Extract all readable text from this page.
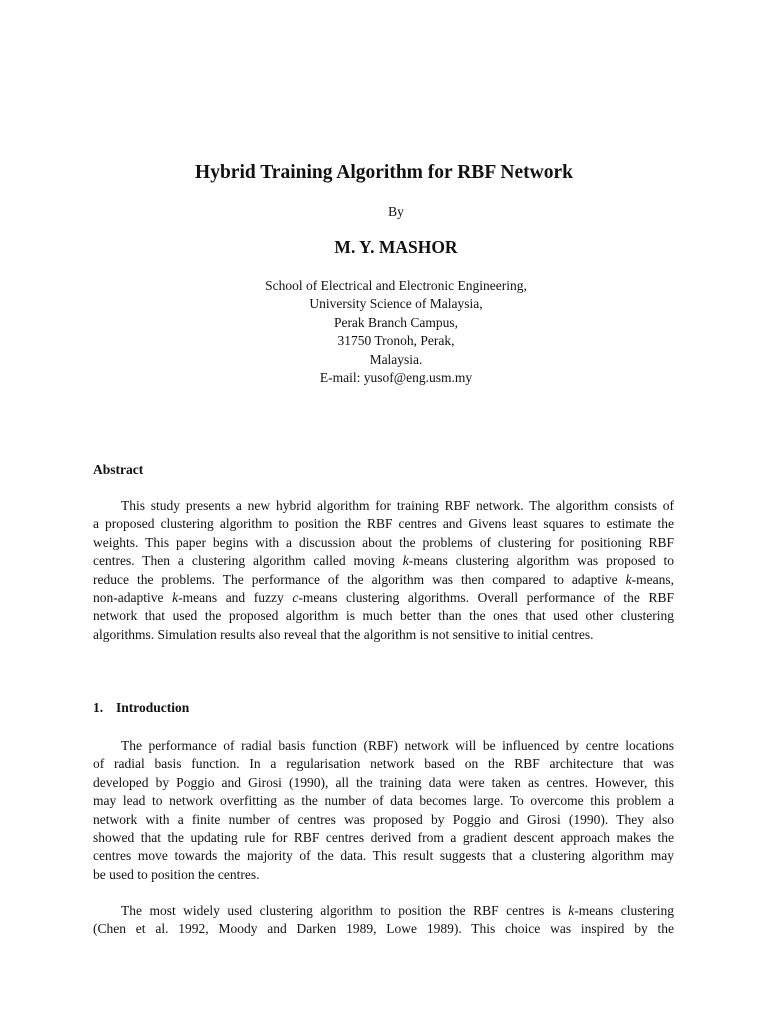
Hybrid Training Algorithm for RBF Network
By
M. Y. MASHOR
School of Electrical and Electronic Engineering,
University Science of Malaysia,
Perak Branch Campus,
31750 Tronoh, Perak,
Malaysia.
E-mail: yusof@eng.usm.my
Abstract
This study presents a new hybrid algorithm for training RBF network. The algorithm consists of
a proposed clustering algorithm to position the RBF centres and Givens least squares to estimate the
weights. This paper begins with a discussion about the problems of clustering for positioning RBF
centres. Then a clustering algorithm called moving k-means clustering algorithm was proposed to
reduce the problems. The performance of the algorithm was then compared to adaptive k-means,
non-adaptive k-means and fuzzy c-means clustering algorithms. Overall performance of the RBF
network that used the proposed algorithm is much better than the ones that used other clustering
algorithms. Simulation results also reveal that the algorithm is not sensitive to initial centres.
1. Introduction
The performance of radial basis function (RBF) network will be influenced by centre locations
of radial basis function. In a regularisation network based on the RBF architecture that was
developed by Poggio and Girosi (1990), all the training data were taken as centres. However, this
may lead to network overfitting as the number of data becomes large. To overcome this problem a
network with a finite number of centres was proposed by Poggio and Girosi (1990). They also
showed that the updating rule for RBF centres derived from a gradient descent approach makes the
centres move towards the majority of the data. This result suggests that a clustering algorithm may
be used to position the centres.
The most widely used clustering algorithm to position the RBF centres is k-means clustering
(Chen et al. 1992, Moody and Darken 1989, Lowe 1989). This choice was inspired by the
